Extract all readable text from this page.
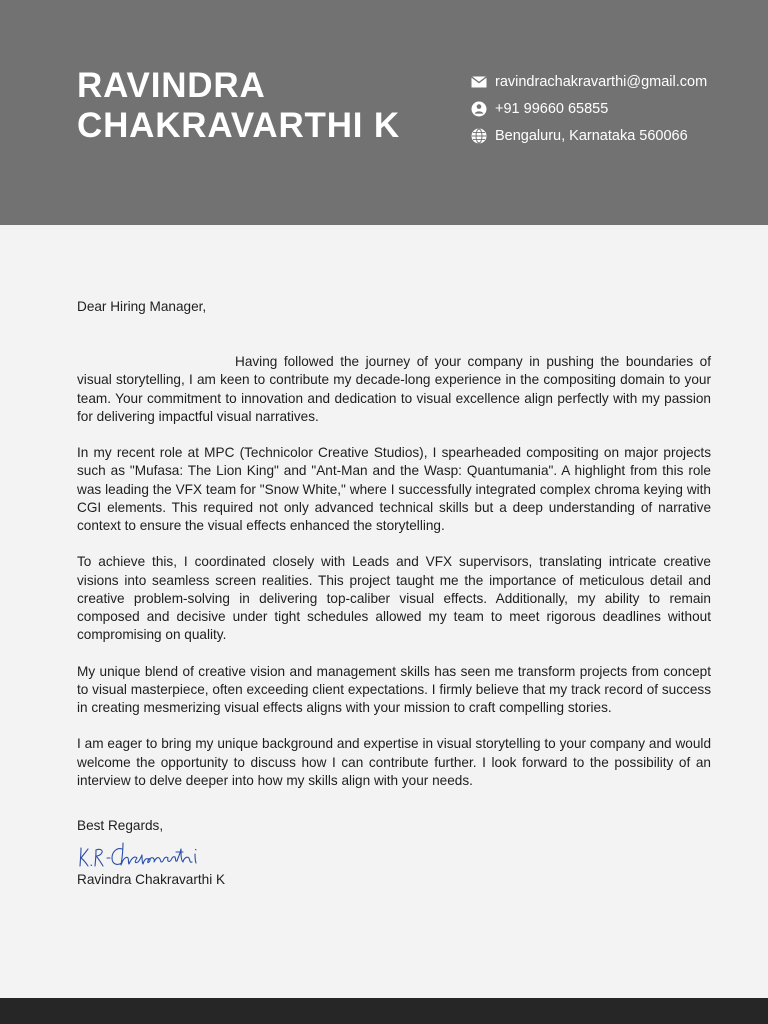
RAVINDRA
CHAKRAVARTHI K
ravindrachakravarthi@gmail.com
+91 99660 65855
Bengaluru, Karnataka 560066

Dear Hiring Manager,

Having followed the journey of your company in pushing the boundaries of visual storytelling, I am keen to contribute my decade-long experience in the compositing domain to your team. Your commitment to innovation and dedication to visual excellence align perfectly with my passion for delivering impactful visual narratives.

In my recent role at MPC (Technicolor Creative Studios), I spearheaded compositing on major projects such as "Mufasa: The Lion King" and "Ant-Man and the Wasp: Quantumania". A highlight from this role was leading the VFX team for "Snow White," where I successfully integrated complex chroma keying with CGI elements. This required not only advanced technical skills but a deep understanding of narrative context to ensure the visual effects enhanced the storytelling.

To achieve this, I coordinated closely with Leads and VFX supervisors, translating intricate creative visions into seamless screen realities. This project taught me the importance of meticulous detail and creative problem-solving in delivering top-caliber visual effects. Additionally, my ability to remain composed and decisive under tight schedules allowed my team to meet rigorous deadlines without compromising on quality.

My unique blend of creative vision and management skills has seen me transform projects from concept to visual masterpiece, often exceeding client expectations. I firmly believe that my track record of success in creating mesmerizing visual effects aligns with your mission to craft compelling stories.

I am eager to bring my unique background and expertise in visual storytelling to your company and would welcome the opportunity to discuss how I can contribute further. I look forward to the possibility of an interview to delve deeper into how my skills align with your needs.

Best Regards,

Ravindra Chakravarthi K
